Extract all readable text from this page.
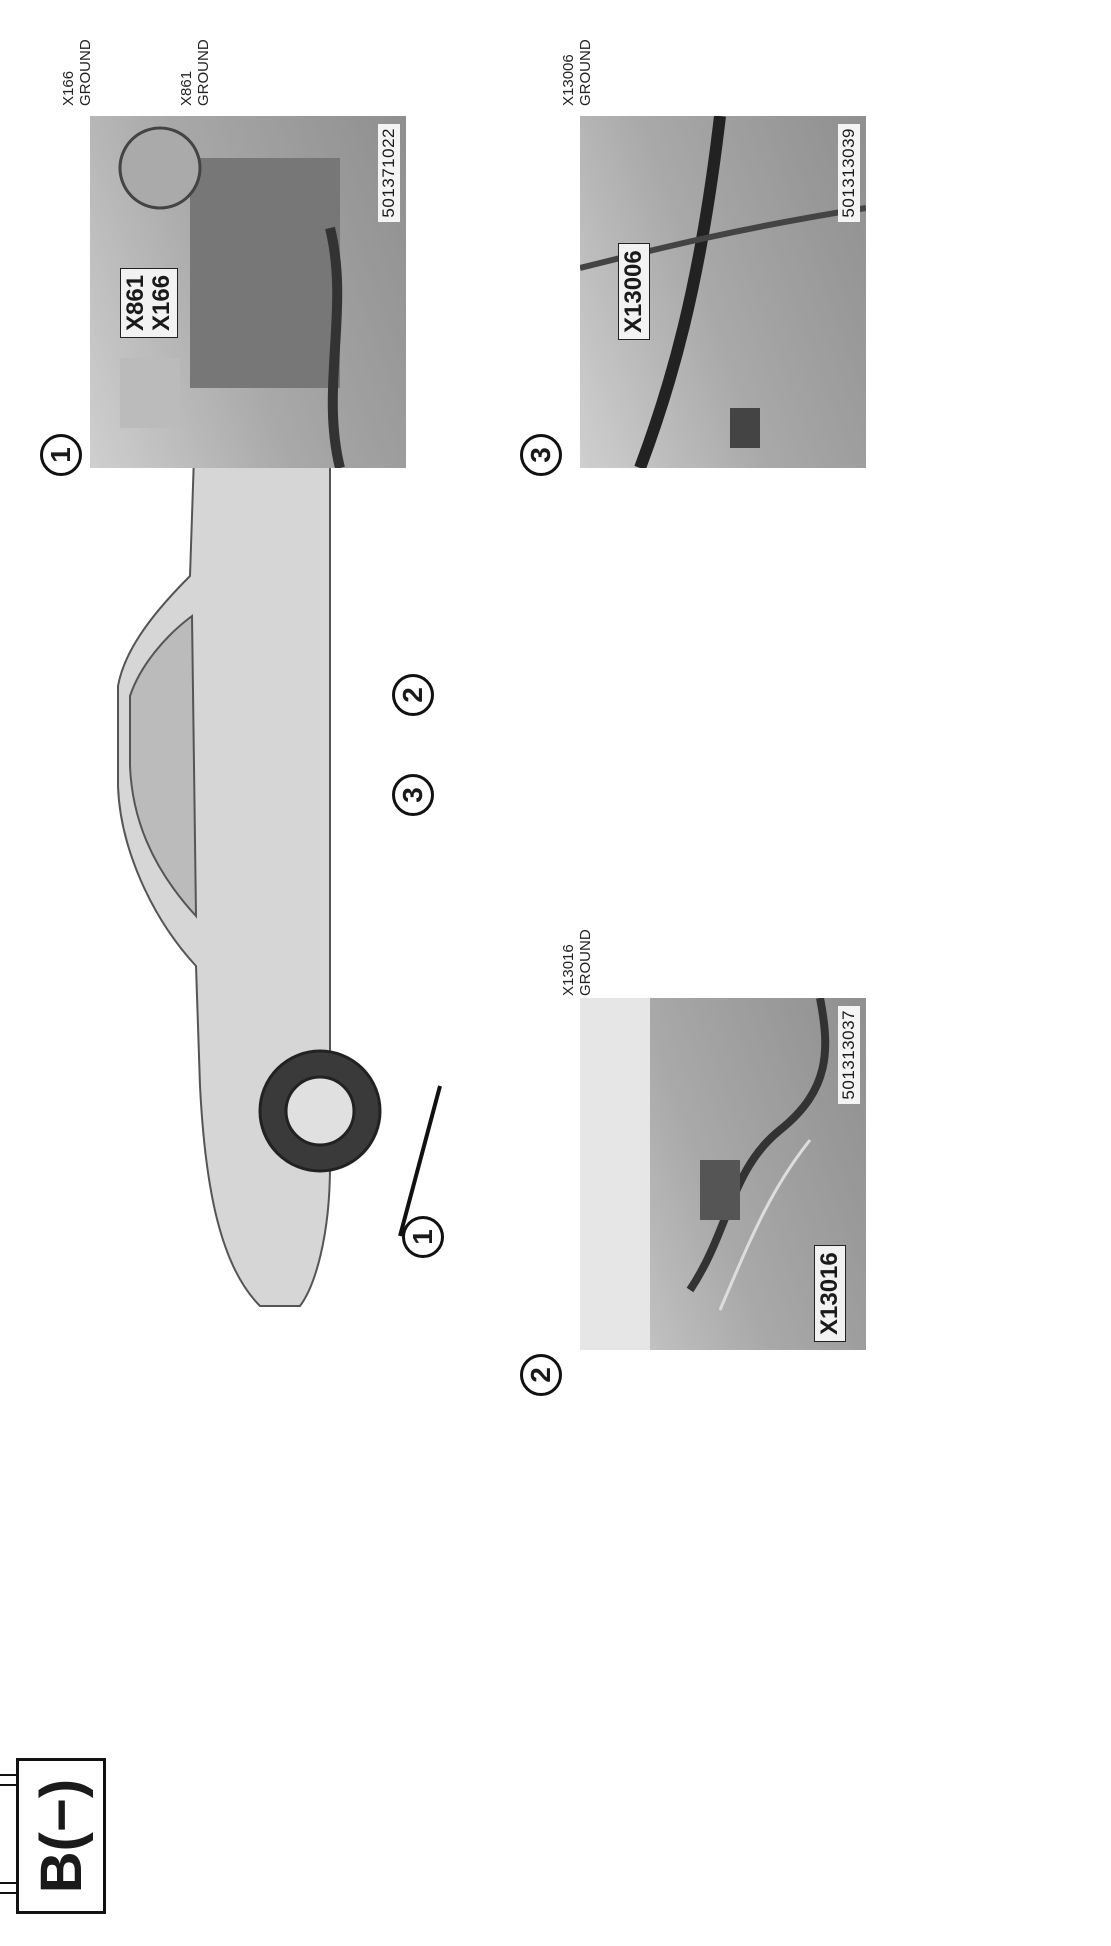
B(−)
1
3
2
2
X13016
501313037
X13016 GROUND
1
X861 X166
501371022
X166 GROUND	X861 GROUND
3
X13006
501313039
X13006 GROUND
